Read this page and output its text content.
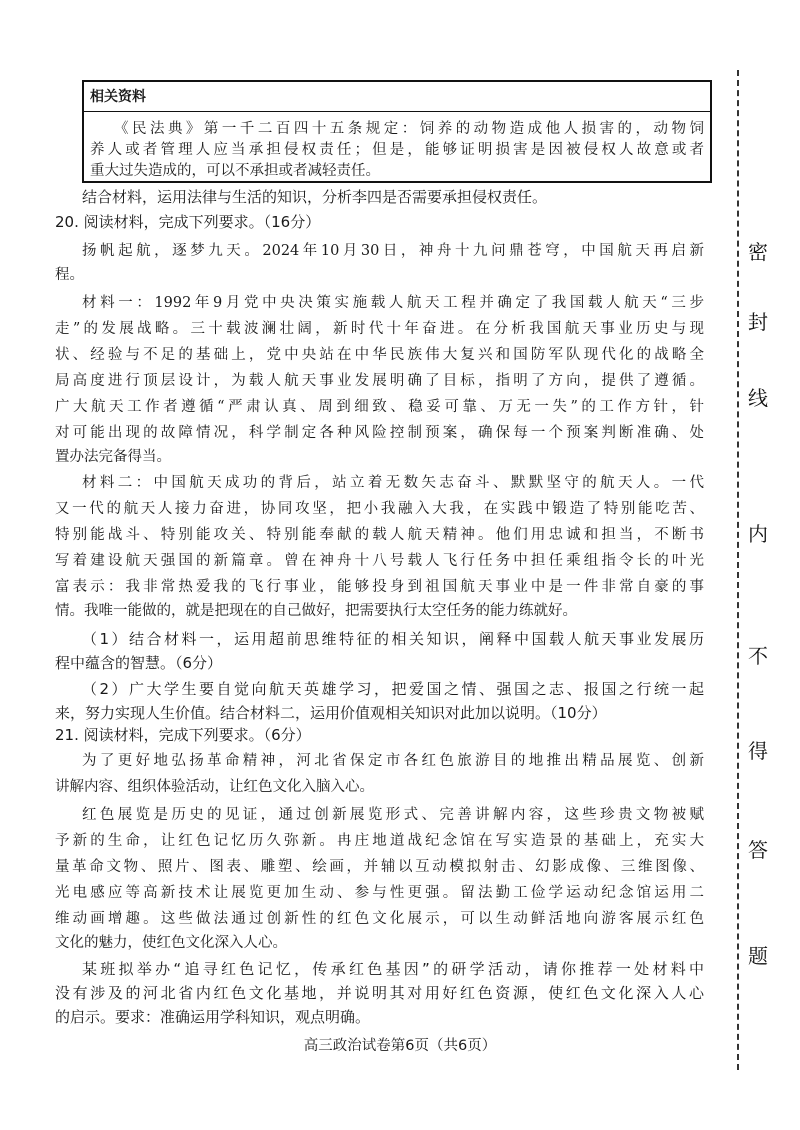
相关资料
《民法典》第一千二百四十五条规定：饲养的动物造成他人损害的，动物饲
养人或者管理人应当承担侵权责任；但是，能够证明损害是因被侵权人故意或者
重大过失造成的，可以不承担或者减轻责任。
结合材料，运用法律与生活的知识，分析李四是否需要承担侵权责任。
20. 阅读材料，完成下列要求。（16分）
扬帆起航，逐梦九天。2024年10月30日，神舟十九问鼎苍穹，中国航天再启新
程。
材料一：1992年9月党中央决策实施载人航天工程并确定了我国载人航天“三步
走”的发展战略。三十载波澜壮阔，新时代十年奋进。在分析我国航天事业历史与现
状、经验与不足的基础上，党中央站在中华民族伟大复兴和国防军队现代化的战略全
局高度进行顶层设计，为载人航天事业发展明确了目标，指明了方向，提供了遵循。
广大航天工作者遵循“严肃认真、周到细致、稳妥可靠、万无一失”的工作方针，针
对可能出现的故障情况，科学制定各种风险控制预案，确保每一个预案判断准确、处
置办法完备得当。
材料二：中国航天成功的背后，站立着无数矢志奋斗、默默坚守的航天人。一代
又一代的航天人接力奋进，协同攻坚，把小我融入大我，在实践中锻造了特别能吃苦、
特别能战斗、特别能攻关、特别能奉献的载人航天精神。他们用忠诚和担当，不断书
写着建设航天强国的新篇章。曾在神舟十八号载人飞行任务中担任乘组指令长的叶光
富表示：我非常热爱我的飞行事业，能够投身到祖国航天事业中是一件非常自豪的事
情。我唯一能做的，就是把现在的自己做好，把需要执行太空任务的能力练就好。
（1）结合材料一，运用超前思维特征的相关知识，阐释中国载人航天事业发展历
程中蕴含的智慧。（6分）
（2）广大学生要自觉向航天英雄学习，把爱国之情、强国之志、报国之行统一起
来，努力实现人生价值。结合材料二，运用价值观相关知识对此加以说明。（10分）
21. 阅读材料，完成下列要求。（6分）
为了更好地弘扬革命精神，河北省保定市各红色旅游目的地推出精品展览、创新
讲解内容、组织体验活动，让红色文化入脑入心。
红色展览是历史的见证，通过创新展览形式、完善讲解内容，这些珍贵文物被赋
予新的生命，让红色记忆历久弥新。冉庄地道战纪念馆在写实造景的基础上，充实大
量革命文物、照片、图表、雕塑、绘画，并辅以互动模拟射击、幻影成像、三维图像、
光电感应等高新技术让展览更加生动、参与性更强。留法勤工俭学运动纪念馆运用二
维动画增趣。这些做法通过创新性的红色文化展示，可以生动鲜活地向游客展示红色
文化的魅力，使红色文化深入人心。
某班拟举办“追寻红色记忆，传承红色基因”的研学活动，请你推荐一处材料中
没有涉及的河北省内红色文化基地，并说明其对用好红色资源，使红色文化深入人心
的启示。要求：准确运用学科知识，观点明确。
高三政治试卷第6页（共6页）
密
封
线
内
不
得
答
题
